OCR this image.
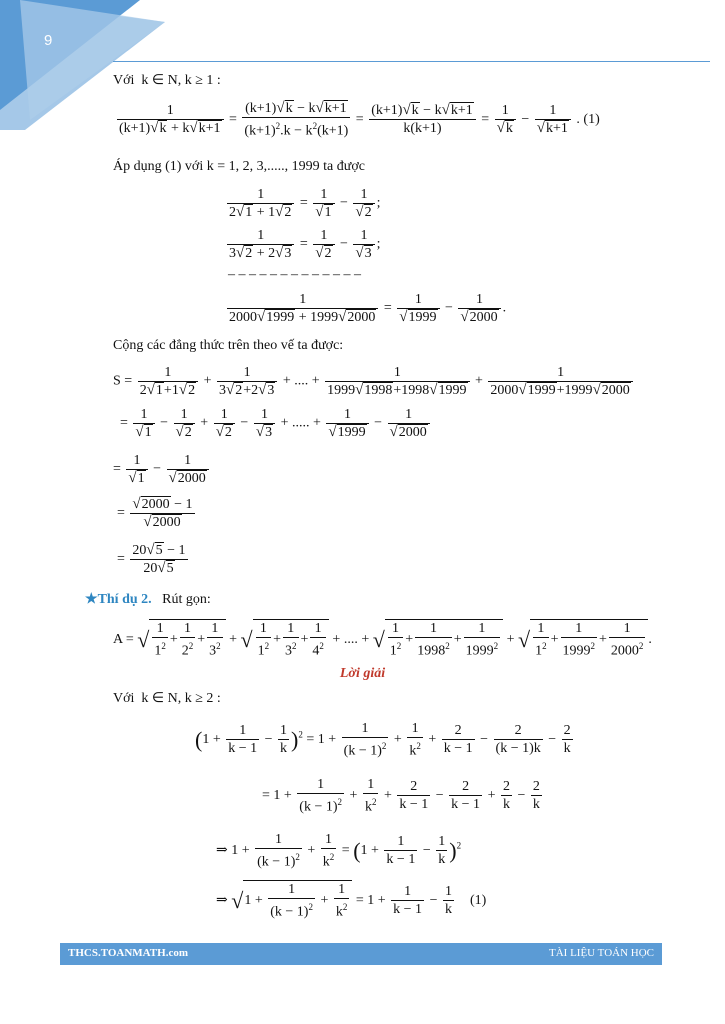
9
Với k ∈ N, k ≥ 1 :
$\frac{1}{(k+1)√k + k√k+1} = \frac{(k+1)√k - k√k+1}{(k+1)^2.k - k^2(k+1)} = \frac{(k+1)√k - k√k+1}{k(k+1)} = \frac{1}{√k} - \frac{1}{√k+1}$ . (1)
Áp dụng (1) với k = 1, 2, 3,....., 1999 ta được
$\frac{1}{2√1 + 1√2} = \frac{1}{√1} - \frac{1}{√2}$ ;
$\frac{1}{3√2 + 2√3} = \frac{1}{√2} - \frac{1}{√3}$ ;
– – – – – – – – – – – – –
$\frac{1}{2000√1999 + 1999√2000} = \frac{1}{√1999} - \frac{1}{√2000}$ .
Cộng các đẳng thức trên theo vế ta được:
$S = \frac{1}{2√1+1√2} + \frac{1}{3√2+2√3}$ + .... + $\frac{1}{1999√1998+1998√1999} + \frac{1}{2000√1999+1999√2000}$
= $\frac{1}{√1} - \frac{1}{√2} + \frac{1}{√2} - \frac{1}{√3}$ + ..... + $\frac{1}{√1999} - \frac{1}{√2000}$
= $\frac{1}{√1} - \frac{1}{√2000}$
= $\frac{√2000 - 1}{√2000}$
= $\frac{20√5 - 1}{20√5}$
★Thí dụ 2. Rút gọn:
A = √ $\frac{1}{1^2} + \frac{1}{2^2} + \frac{1}{3^2}$ + √ $\frac{1}{1^2} + \frac{1}{3^2} + \frac{1}{4^2}$ + .... + √ $\frac{1}{1^2} + \frac{1}{1998^2} + \frac{1}{1999^2}$ + √ $\frac{1}{1^2} + \frac{1}{1999^2} + \frac{1}{2000^2}$ .
Lời giải
Với k ∈ N, k ≥ 2 :
$(1 + \frac{1}{k - 1} - \frac{1}{k} )^2 = 1 + \frac{1}{(k - 1)^2} + \frac{1}{k^2} + \frac{2}{k - 1} - \frac{2}{(k - 1)k} - \frac{2}{k}$
= $1 + \frac{1}{(k - 1)^2} + \frac{1}{k^2} + \frac{2}{k - 1} - \frac{2}{k - 1} + \frac{2}{k} - \frac{2}{k}$
⇒ $1 + \frac{1}{(k - 1)^2} + \frac{1}{k^2} = (1 + \frac{1}{k - 1} - \frac{1}{k} )^2$
⇒ $√1 + \frac{1}{(k - 1)^2} + \frac{1}{k^2} = 1 + \frac{1}{k - 1} - \frac{1}{k} (1)$
THCS.TOANMATH.com	TÀI LIỆU TOÁN HỌC
